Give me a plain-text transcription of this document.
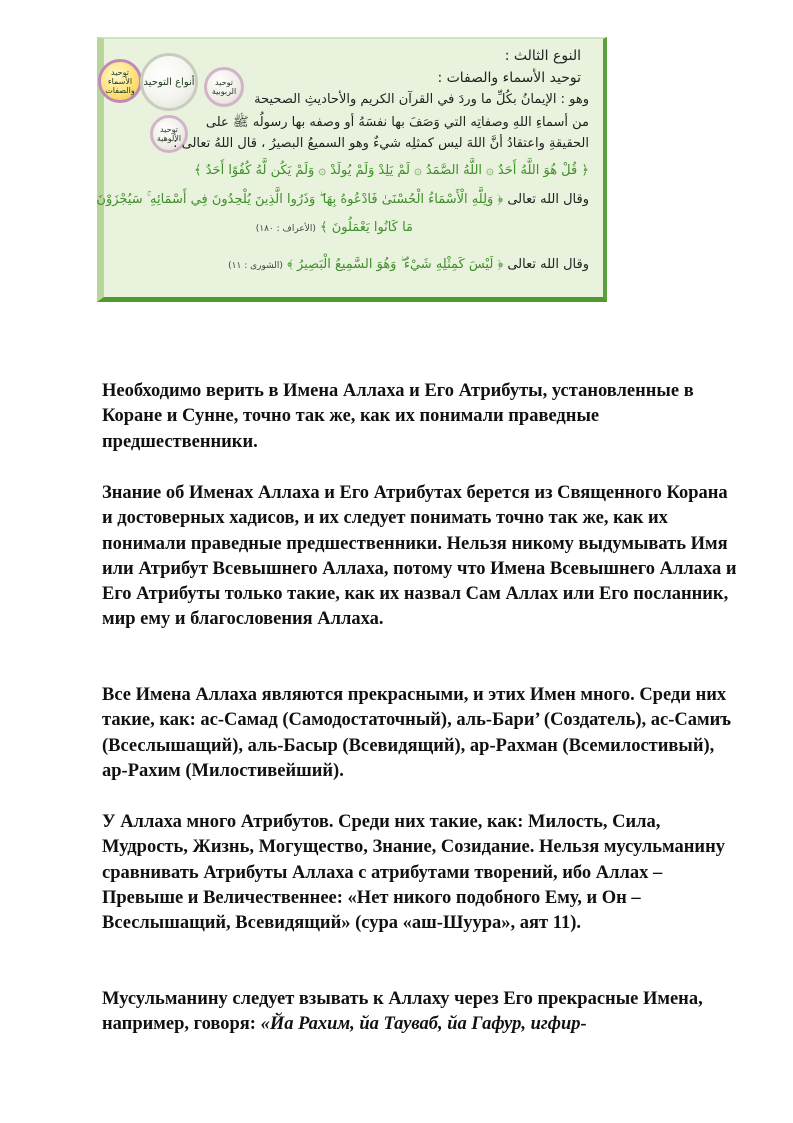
توحيد الأسماء والصفات
أنواع التوحيد	توحيد الربوبية
توحيد الألوهية
النوع الثالث :
توحيد الأسماء والصفات :
وهو : الإيمانُ بكُلِّ ما وردَ في القرآن الكريم والأحاديثِ الصحيحة
من أسماءِ اللهِ وصفاتِه التي وَصَفَ بها نفسَهُ أو وصفه بها رسولُه ﷺ على
الحقيقةِ واعتقادُ أنَّ اللهَ ليس كمثلِه شيءٌ وهو السميعُ البصيرُ ، قال اللهُ تعالى :
﴿ قُلْ هُوَ اللَّهُ أَحَدٌ ۞ اللَّهُ الصَّمَدُ ۞ لَمْ يَلِدْ وَلَمْ يُولَدْ ۞ وَلَمْ يَكُن لَّهُ كُفُوًا أَحَدٌ ﴾
وقال الله تعالى ﴿ وَلِلَّهِ الْأَسْمَاءُ الْحُسْنَىٰ فَادْعُوهُ بِهَا ۖ وَذَرُوا الَّذِينَ يُلْحِدُونَ فِي أَسْمَائِهِ ۚ سَيُجْزَوْنَ
مَا كَانُوا يَعْمَلُونَ ﴾ (الأعراف : ١٨٠)
وقال الله تعالى ﴿ لَيْسَ كَمِثْلِهِ شَيْءٌ ۖ وَهُوَ السَّمِيعُ الْبَصِيرُ ﴾ (الشورى : ١١)

Необходимо верить в Имена Аллаха и Его Атрибуты, установленные в Коране и Сунне, точно так же, как их понимали праведные предшественники.

Знание об Именах Аллаха и Его Атрибутах берется из Священного Корана и достоверных хадисов, и их следует понимать точно так же, как их понимали праведные предшественники. Нельзя никому выдумывать Имя или Атрибут Всевышнего Аллаха, потому что Имена Всевышнего Аллаха и Его Атрибуты только такие, как их назвал Сам Аллах или Его посланник, мир ему и благословения Аллаха.

Все Имена Аллаха являются прекрасными, и этих Имен много. Среди них такие, как: ас-Самад (Самодостаточный), аль-Бари’ (Создатель), ас-Самиъ (Всеслышащий), аль-Басыр (Всевидящий), ар-Рахман (Всемилостивый), ар-Рахим (Милостивейший).

У Аллаха много Атрибутов. Среди них такие, как: Милость, Сила, Мудрость, Жизнь, Могущество, Знание, Созидание. Нельзя мусульманину сравнивать Атрибуты Аллаха с атрибутами творений, ибо Аллах – Превыше и Величественнее: «Нет никого подобного Ему, и Он – Всеслышащий, Всевидящий» (сура «аш-Шуура», аят 11).

Мусульманину следует взывать к Аллаху через Его прекрасные Имена, например, говоря: «Йа Рахим, йа Тауваб, йа Гафур, игфир-
